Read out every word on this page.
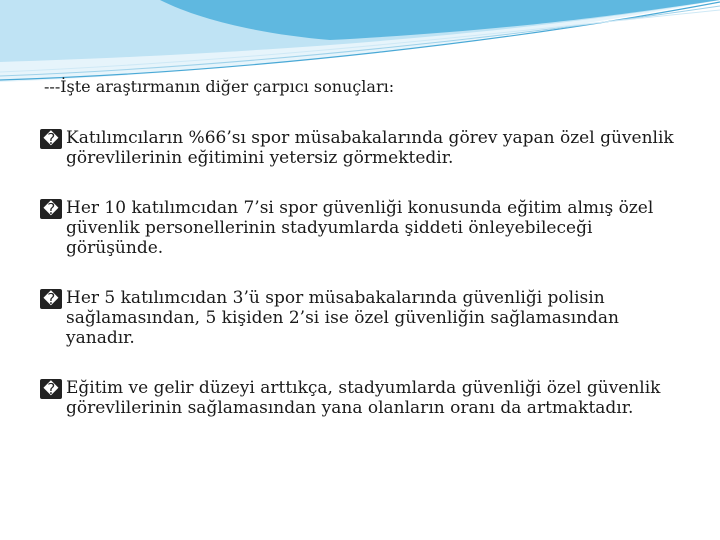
---İşte araştırmanın diğer çarpıcı sonuçları:

� Katılımcıların %66’sı spor müsabakalarında görev yapan özel güvenlik görevlilerinin eğitimini yetersiz görmektedir.
� Her 10 katılımcıdan 7’si spor güvenliği konusunda eğitim almış özel güvenlik personellerinin stadyumlarda şiddeti önleyebileceği görüşünde.
� Her 5 katılımcıdan 3’ü spor müsabakalarında güvenliği polisin sağlamasından, 5 kişiden 2’si ise özel güvenliğin sağlamasından yanadır.
� Eğitim ve gelir düzeyi arttıkça, stadyumlarda güvenliği özel güvenlik görevlilerinin sağlamasından yana olanların oranı da artmaktadır.
